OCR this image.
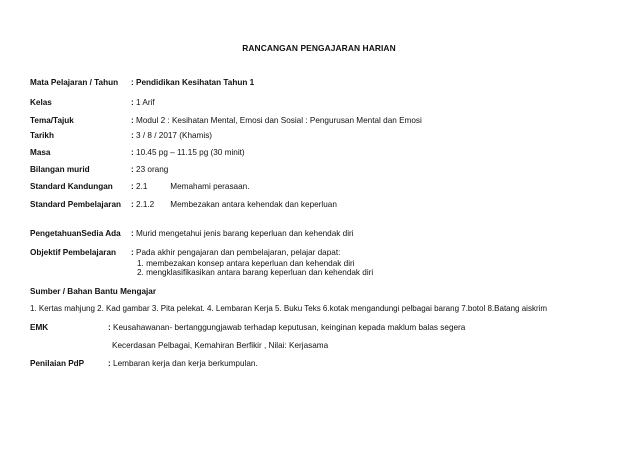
RANCANGAN PENGAJARAN HARIAN
Mata Pelajaran / Tahun : Pendidikan Kesihatan Tahun 1
Kelas	: 1 Arif
Tema/Tajuk	: Modul 2 : Kesihatan Mental, Emosi dan Sosial : Pengurusan Mental dan Emosi
Tarikh	: 3 / 8 / 2017 (Khamis)
Masa	: 10.45 pg – 11.15 pg (30 minit)
Bilangan murid	: 23 orang
Standard Kandungan : 2.1	Memahami perasaan.
Standard Pembelajaran : 2.1.2 Membezakan antara kehendak dan keperluan
PengetahuanSedia Ada : Murid mengetahui jenis barang keperluan dan kehendak diri
Objektif Pembelajaran : Pada akhir pengajaran dan pembelajaran, pelajar dapat:
1. membezakan konsep antara keperluan dan kehendak diri
2. mengklasifikasikan antara barang keperluan dan kehendak diri
Sumber / Bahan Bantu Mengajar
1. Kertas mahjung 2. Kad gambar 3. Pita pelekat. 4. Lembaran Kerja 5. Buku Teks 6.kotak mengandungi pelbagai barang 7.botol 8.Batang aiskrim
EMK	: Keusahawanan- bertanggungjawab terhadap keputusan, keinginan kepada maklum balas segera
Kecerdasan Pelbagai, Kemahiran Berfikir , Nilai: Kerjasama
Penilaian PdP	: Lembaran kerja dan kerja berkumpulan.
